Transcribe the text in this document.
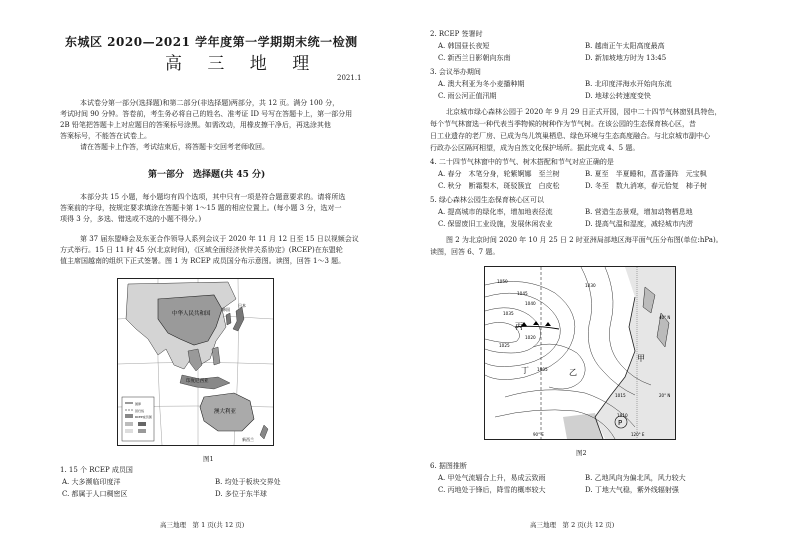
东城区 2020—2021 学年度第一学期期末统一检测
高 三 地 理
2021.1
本试卷分第一部分(选择题)和第二部分(非选择题)两部分，共 12 页。满分 100 分，
考试时间 90 分钟。答卷前，考生务必将自己的姓名、准考证 ID 号写在答题卡上，第一部分用
2B 铅笔把答题卡上对应题目的答案标号涂黑。如需改动，用橡皮擦干净后，再选涂其他
答案标号，不能答在试卷上。
请在答题卡上作答，考试结束后，将答题卡交回考老师收回。
第一部分　选择题(共 45 分)
本部分共 15 小题，每小题均有四个选项，其中只有一项是符合题意要求的。请将所选
答案前的字母，按规定要求填涂在答题卡第 1～15 题的相应位置上。(每小题 3 分，选对一
项得 3 分，多选、错选或不选的小题不得分。)
第 37 届东盟峰会及东亚合作领导人系列会议于 2020 年 11 月 12 日至 15 日以视频会议
方式举行。15 日 11 时 45 分(北京时间)，《区域全面经济伙伴关系协定》(RCEP)在东盟轮
值主席国越南的组织下正式签署。图 1 为 RCEP 成员国分布示意图。读图，回答 1～3 题。
国界
回归线
RCEP成员国
中华人民共和国
日本
韩国
印度尼西亚
澳大利亚
新西兰
图1
1. 15 个 RCEP 成员国
A. 大多濒临印度洋	B. 均处于板块交界处
C. 都属于人口稠密区	D. 多位于东半球
高三地理　第 1 页(共 12 页)
2. RCEP 签署时
A. 韩国昼长夜短	B. 越南正午太阳高度最高
C. 新西兰日影朝向东南	D. 新加坡地方时为 13:45
3. 会议举办期间
A. 澳大利亚为冬小麦播种期	B. 北印度洋海水开始向东流
C. 雨公河正值汛期	D. 地球公转速度变快
北京城市绿心森林公园于 2020 年 9 月 29 日正式开园，园中二十四节气林窗别具特色，
每个节气林窗选一种代表当季物候的树种作为节气树。在该公园的生态保育核心区，昔
日工业遗存的老厂房、已成为鸟儿筑巢栖息、绿色环境与生态高度融合。与北京城市副中心
行政办公区隔河相望，成为自然文化保护场所。据此完成 4、5 题。
4. 二十四节气林窗中的节气、树木搭配和节气对应正确的是
A. 春分　木笔分身，轮紫婀娜　至兰树	B. 夏至　半夏睡和，菖香蓬阵　元宝枫
C. 秋分　断霜梨木，斑驳簇宜　白皮松	D. 冬至　数九消寒，春元恰复　柿子树
5. 绿心森林公园生态保育核心区可以
A. 提高城市的绿化率，增加地表径流	B. 营造生态景观，增加动物栖息地
C. 保留废旧工业设施，发展休闲农业	D. 提高气温和湿度，减轻城市内涝
图 2 为北京时间 2020 年 10 月 25 日 2 时亚洲局部地区海平面气压分布图(单位:hPa)。
读图，回答 6、7 题。
1050
1045
1040
1035
1030
1025
1020
1015
1010
1005
丙
丁	乙
甲
P
90° E	120° E
40° N
20° N
图2
6. 据图推断
A. 甲处气流辐合上升，易成云致雨	B. 乙地风向为偏北风，风力较大
C. 丙地处于锋后，降雪的概率较大	D. 丁地大气稳，紫外线辐射强
高三地理　第 2 页(共 12 页)
